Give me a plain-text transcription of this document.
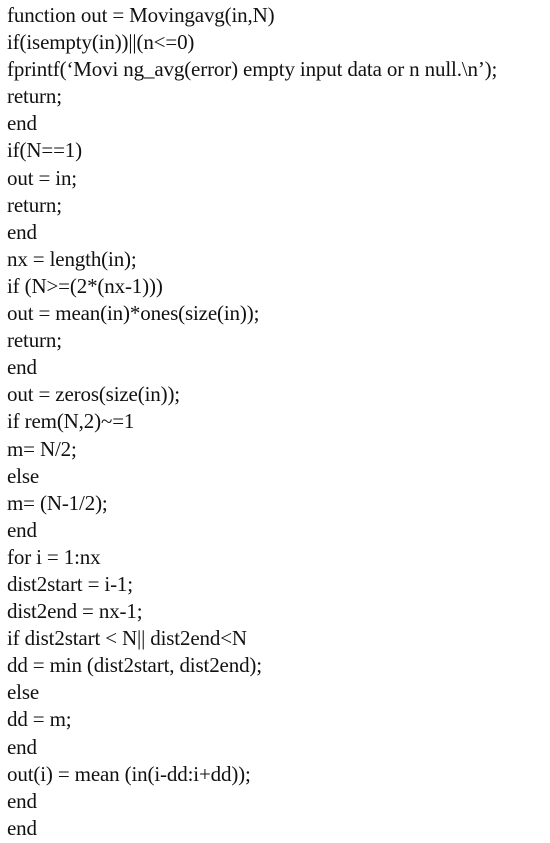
function out = Movingavg(in,N)
if(isempty(in))||(n<=0)
fprintf(‘Movi ng_avg(error) empty input data or n null.\n’);
return;
end
if(N==1)
out = in;
return;
end
nx = length(in);
if (N>=(2*(nx-1)))
out = mean(in)*ones(size(in));
return;
end
out = zeros(size(in));
if rem(N,2)~=1
m= N/2;
else
m= (N-1/2);
end
for i = 1:nx
dist2start = i-1;
dist2end = nx-1;
if dist2start < N|| dist2end<N
dd = min (dist2start, dist2end);
else
dd = m;
end
out(i) = mean (in(i-dd:i+dd));
end
end
